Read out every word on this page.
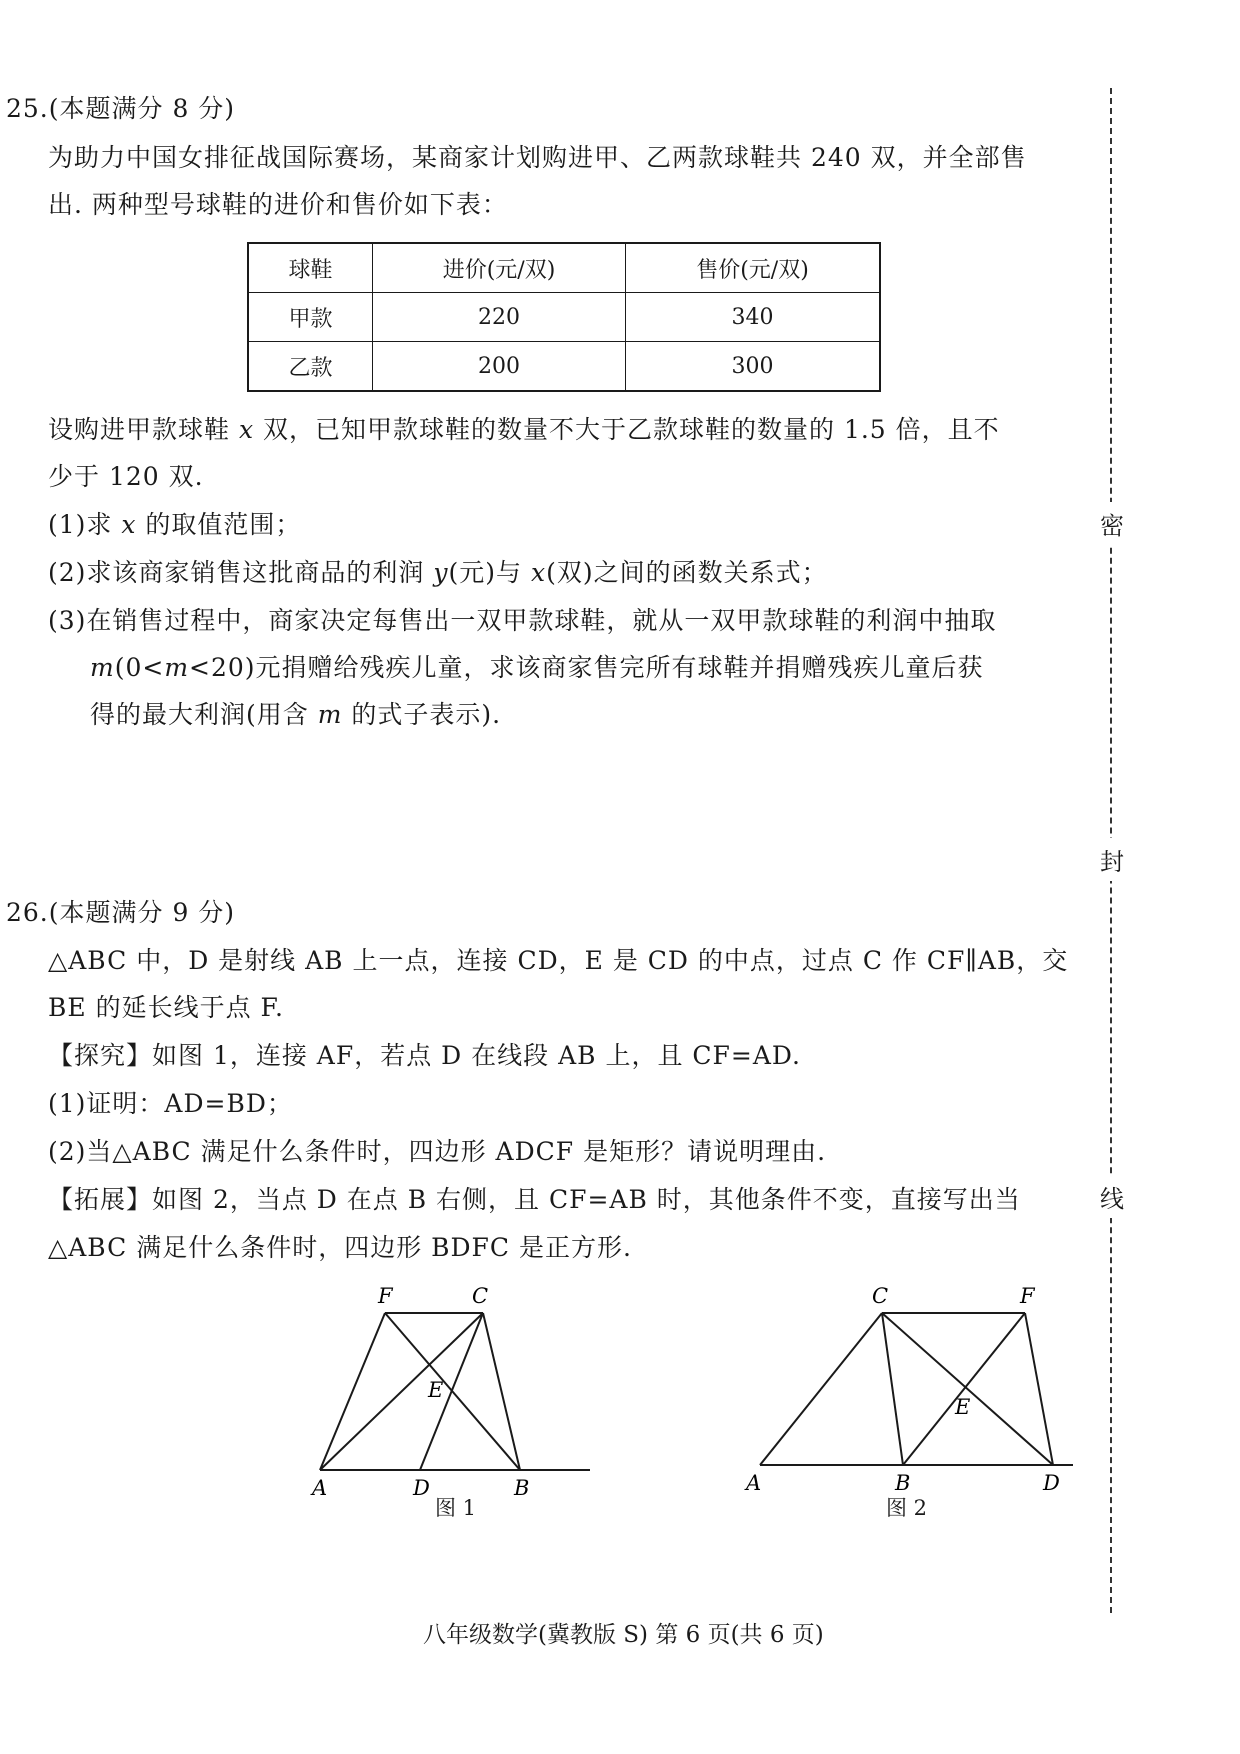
25.(本题满分 8 分)
为助力中国女排征战国际赛场，某商家计划购进甲、乙两款球鞋共 240 双，并全部售
出. 两种型号球鞋的进价和售价如下表：
球鞋	进价(元/双)	售价(元/双)
甲款	220	340
乙款	200	300
设购进甲款球鞋 x 双，已知甲款球鞋的数量不大于乙款球鞋的数量的 1.5 倍，且不
少于 120 双.
(1)求 x 的取值范围；
(2)求该商家销售这批商品的利润 y(元)与 x(双)之间的函数关系式；
(3)在销售过程中，商家决定每售出一双甲款球鞋，就从一双甲款球鞋的利润中抽取
m(0<m<20)元捐赠给残疾儿童，求该商家售完所有球鞋并捐赠残疾儿童后获
得的最大利润(用含 m 的式子表示).
26.(本题满分 9 分)
△ABC 中，D 是射线 AB 上一点，连接 CD，E 是 CD 的中点，过点 C 作 CF∥AB，交
BE 的延长线于点 F.
【探究】如图 1，连接 AF，若点 D 在线段 AB 上，且 CF=AD.
(1)证明：AD=BD；
(2)当△ABC 满足什么条件时，四边形 ADCF 是矩形？请说明理由.
【拓展】如图 2，当点 D 在点 B 右侧，且 CF=AB 时，其他条件不变，直接写出当
△ABC 满足什么条件时，四边形 BDFC 是正方形.
F	C
E
A	D	B
图 1
C	F
E
A	B	D
图 2
密
封
线
八年级数学(冀教版 S) 第 6 页(共 6 页)
